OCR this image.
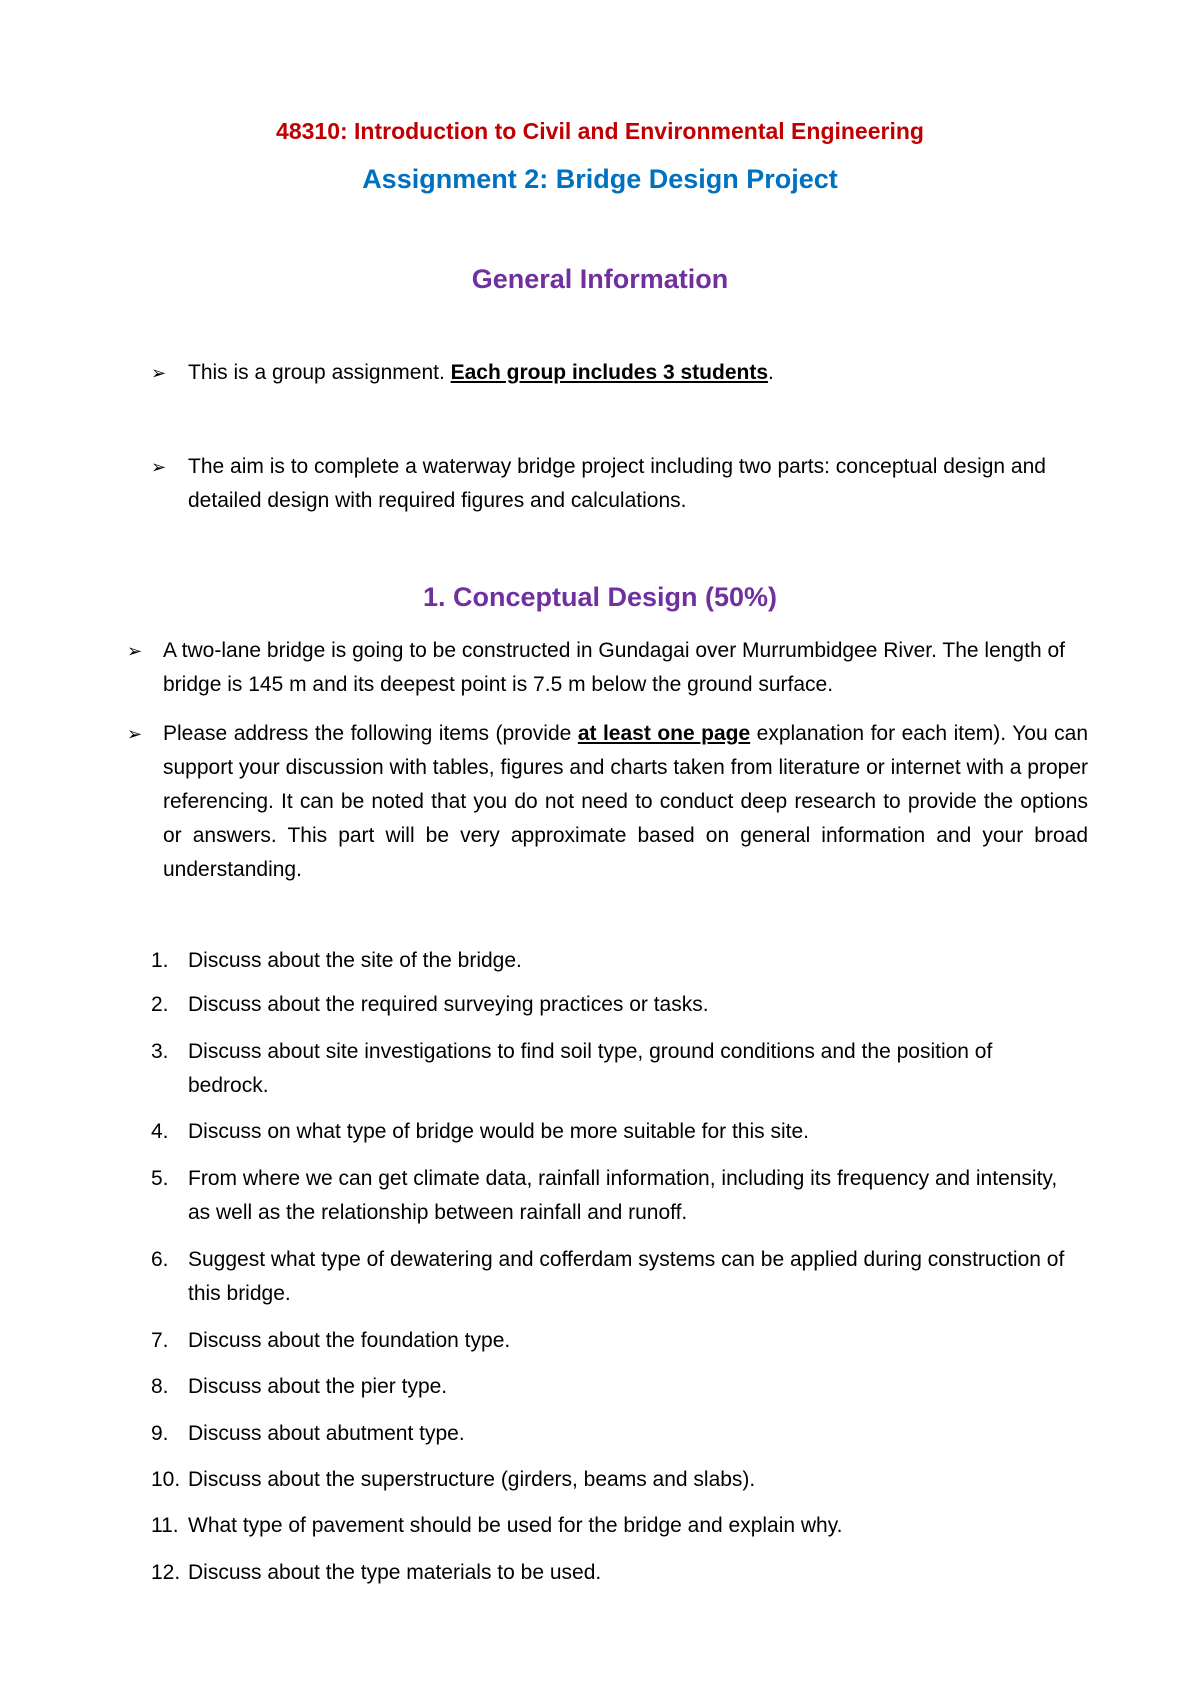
48310: Introduction to Civil and Environmental Engineering
Assignment 2: Bridge Design Project
General Information
➢ This is a group assignment. Each group includes 3 students.
➢ The aim is to complete a waterway bridge project including two parts: conceptual design and detailed design with required figures and calculations.
1. Conceptual Design (50%)
➢ A two-lane bridge is going to be constructed in Gundagai over Murrumbidgee River. The length of bridge is 145 m and its deepest point is 7.5 m below the ground surface.
➢ Please address the following items (provide at least one page explanation for each item). You can support your discussion with tables, figures and charts taken from literature or internet with a proper referencing. It can be noted that you do not need to conduct deep research to provide the options or answers. This part will be very approximate based on general information and your broad understanding.
1. Discuss about the site of the bridge.
2. Discuss about the required surveying practices or tasks.
3. Discuss about site investigations to find soil type, ground conditions and the position of bedrock.
4. Discuss on what type of bridge would be more suitable for this site.
5. From where we can get climate data, rainfall information, including its frequency and intensity, as well as the relationship between rainfall and runoff.
6. Suggest what type of dewatering and cofferdam systems can be applied during construction of this bridge.
7. Discuss about the foundation type.
8. Discuss about the pier type.
9. Discuss about abutment type.
10. Discuss about the superstructure (girders, beams and slabs).
11. What type of pavement should be used for the bridge and explain why.
12. Discuss about the type materials to be used.
